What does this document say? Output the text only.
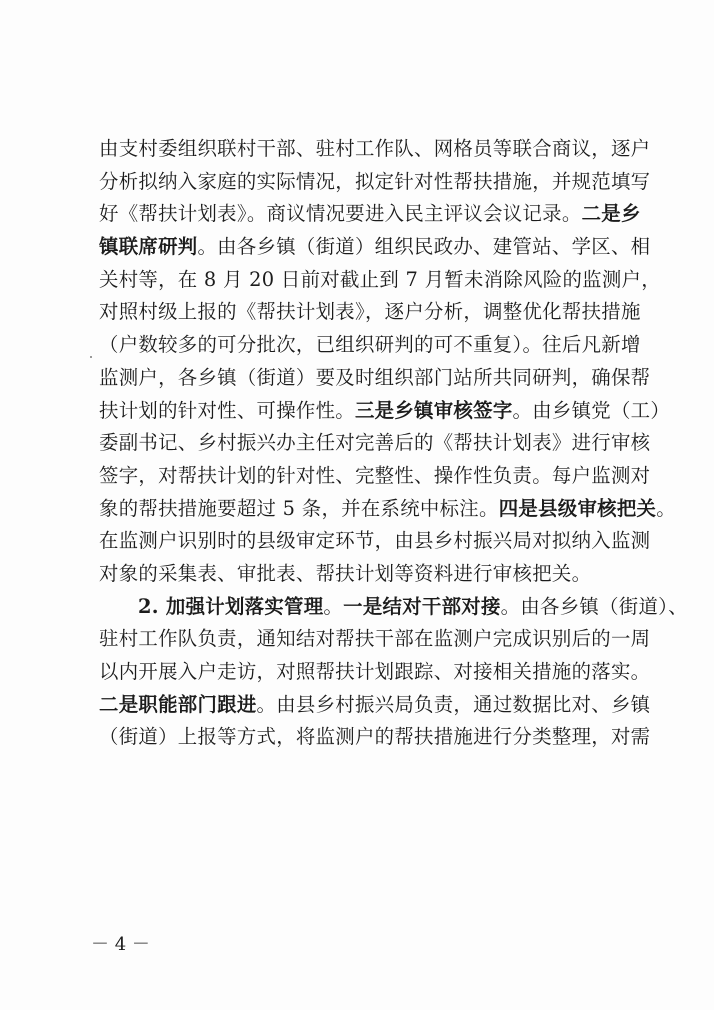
由支村委组织联村干部、驻村工作队、网格员等联合商议，逐户
分析拟纳入家庭的实际情况，拟定针对性帮扶措施，并规范填写
好《帮扶计划表》。商议情况要进入民主评议会议记录。二是乡
镇联席研判。由各乡镇（街道）组织民政办、建管站、学区、相
关村等，在 8 月 20 日前对截止到 7 月暂未消除风险的监测户，
对照村级上报的《帮扶计划表》，逐户分析，调整优化帮扶措施
（户数较多的可分批次，已组织研判的可不重复）。往后凡新增
监测户，各乡镇（街道）要及时组织部门站所共同研判，确保帮
扶计划的针对性、可操作性。三是乡镇审核签字。由乡镇党（工）
委副书记、乡村振兴办主任对完善后的《帮扶计划表》进行审核
签字，对帮扶计划的针对性、完整性、操作性负责。每户监测对
象的帮扶措施要超过 5 条，并在系统中标注。四是县级审核把关。
在监测户识别时的县级审定环节，由县乡村振兴局对拟纳入监测
对象的采集表、审批表、帮扶计划等资料进行审核把关。
2. 加强计划落实管理。一是结对干部对接。由各乡镇（街道）、
驻村工作队负责，通知结对帮扶干部在监测户完成识别后的一周
以内开展入户走访，对照帮扶计划跟踪、对接相关措施的落实。
二是职能部门跟进。由县乡村振兴局负责，通过数据比对、乡镇
（街道）上报等方式，将监测户的帮扶措施进行分类整理，对需
－ 4 －
